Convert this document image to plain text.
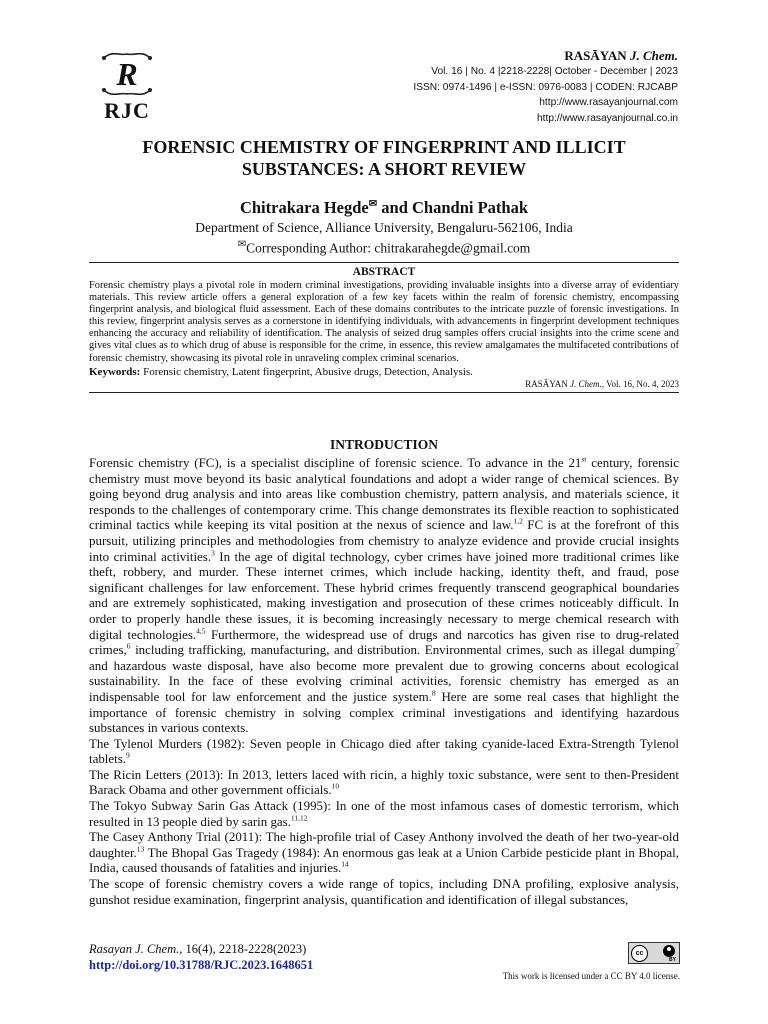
R
RJC
RASĀYAN J. Chem.
Vol. 16 | No. 4 |2218-2228| October - December | 2023
ISSN: 0974-1496 | e-ISSN: 0976-0083 | CODEN: RJCABP
http://www.rasayanjournal.com
http://www.rasayanjournal.co.in
FORENSIC CHEMISTRY OF FINGERPRINT AND ILLICIT
SUBSTANCES: A SHORT REVIEW
Chitrakara Hegde✉ and Chandni Pathak
Department of Science, Alliance University, Bengaluru-562106, India
✉Corresponding Author: chitrakarahegde@gmail.com
ABSTRACT
Forensic chemistry plays a pivotal role in modern criminal investigations, providing invaluable insights into a diverse array of evidentiary materials. This review article offers a general exploration of a few key facets within the realm of forensic chemistry, encompassing fingerprint analysis, and biological fluid assessment. Each of these domains contributes to the intricate puzzle of forensic investigations. In this review, fingerprint analysis serves as a cornerstone in identifying individuals, with advancements in fingerprint development techniques enhancing the accuracy and reliability of identification. The analysis of seized drug samples offers crucial insights into the crime scene and gives vital clues as to which drug of abuse is responsible for the crime, in essence, this review amalgamates the multifaceted contributions of forensic chemistry, showcasing its pivotal role in unraveling complex criminal scenarios.
Keywords: Forensic chemistry, Latent fingerprint, Abusive drugs, Detection, Analysis.
RASĀYAN J. Chem., Vol. 16, No. 4, 2023
INTRODUCTION

Forensic chemistry (FC), is a specialist discipline of forensic science. To advance in the 21st century, forensic chemistry must move beyond its basic analytical foundations and adopt a wider range of chemical sciences. By going beyond drug analysis and into areas like combustion chemistry, pattern analysis, and materials science, it responds to the challenges of contemporary crime. This change demonstrates its flexible reaction to sophisticated criminal tactics while keeping its vital position at the nexus of science and law.$^{1,2}$ FC is at the forefront of this pursuit, utilizing principles and methodologies from chemistry to analyze evidence and provide crucial insights into criminal activities.$^3$ In the age of digital technology, cyber crimes have joined more traditional crimes like theft, robbery, and murder. These internet crimes, which include hacking, identity theft, and fraud, pose significant challenges for law enforcement. These hybrid crimes frequently transcend geographical boundaries and are extremely sophisticated, making investigation and prosecution of these crimes noticeably difficult. In order to properly handle these issues, it is becoming increasingly necessary to merge chemical research with digital technologies.$^{4,5}$ Furthermore, the widespread use of drugs and narcotics has given rise to drug-related crimes,$^6$ including trafficking, manufacturing, and distribution. Environmental crimes, such as illegal dumping$^7$ and hazardous waste disposal, have also become more prevalent due to growing concerns about ecological sustainability. In the face of these evolving criminal activities, forensic chemistry has emerged as an indispensable tool for law enforcement and the justice system.$^8$ Here are some real cases that highlight the importance of forensic chemistry in solving complex criminal investigations and identifying hazardous substances in various contexts.

The Tylenol Murders (1982): Seven people in Chicago died after taking cyanide-laced Extra-Strength Tylenol tablets.$^9$

The Ricin Letters (2013): In 2013, letters laced with ricin, a highly toxic substance, were sent to then-President Barack Obama and other government officials.$^{10}$

The Tokyo Subway Sarin Gas Attack (1995): In one of the most infamous cases of domestic terrorism, which resulted in 13 people died by sarin gas.$^{11,12}$

The Casey Anthony Trial (2011): The high-profile trial of Casey Anthony involved the death of her two-year-old daughter.$^{13}$ The Bhopal Gas Tragedy (1984): An enormous gas leak at a Union Carbide pesticide plant in Bhopal, India, caused thousands of fatalities and injuries.$^{14}$

The scope of forensic chemistry covers a wide range of topics, including DNA profiling, explosive analysis, gunshot residue examination, fingerprint analysis, quantification and identification of illegal substances,

Rasayan J. Chem., 16(4), 2218-2228(2023)
http://doi.org/10.31788/RJC.2023.1648651
cc
BY
This work is licensed under a CC BY 4.0 license.
